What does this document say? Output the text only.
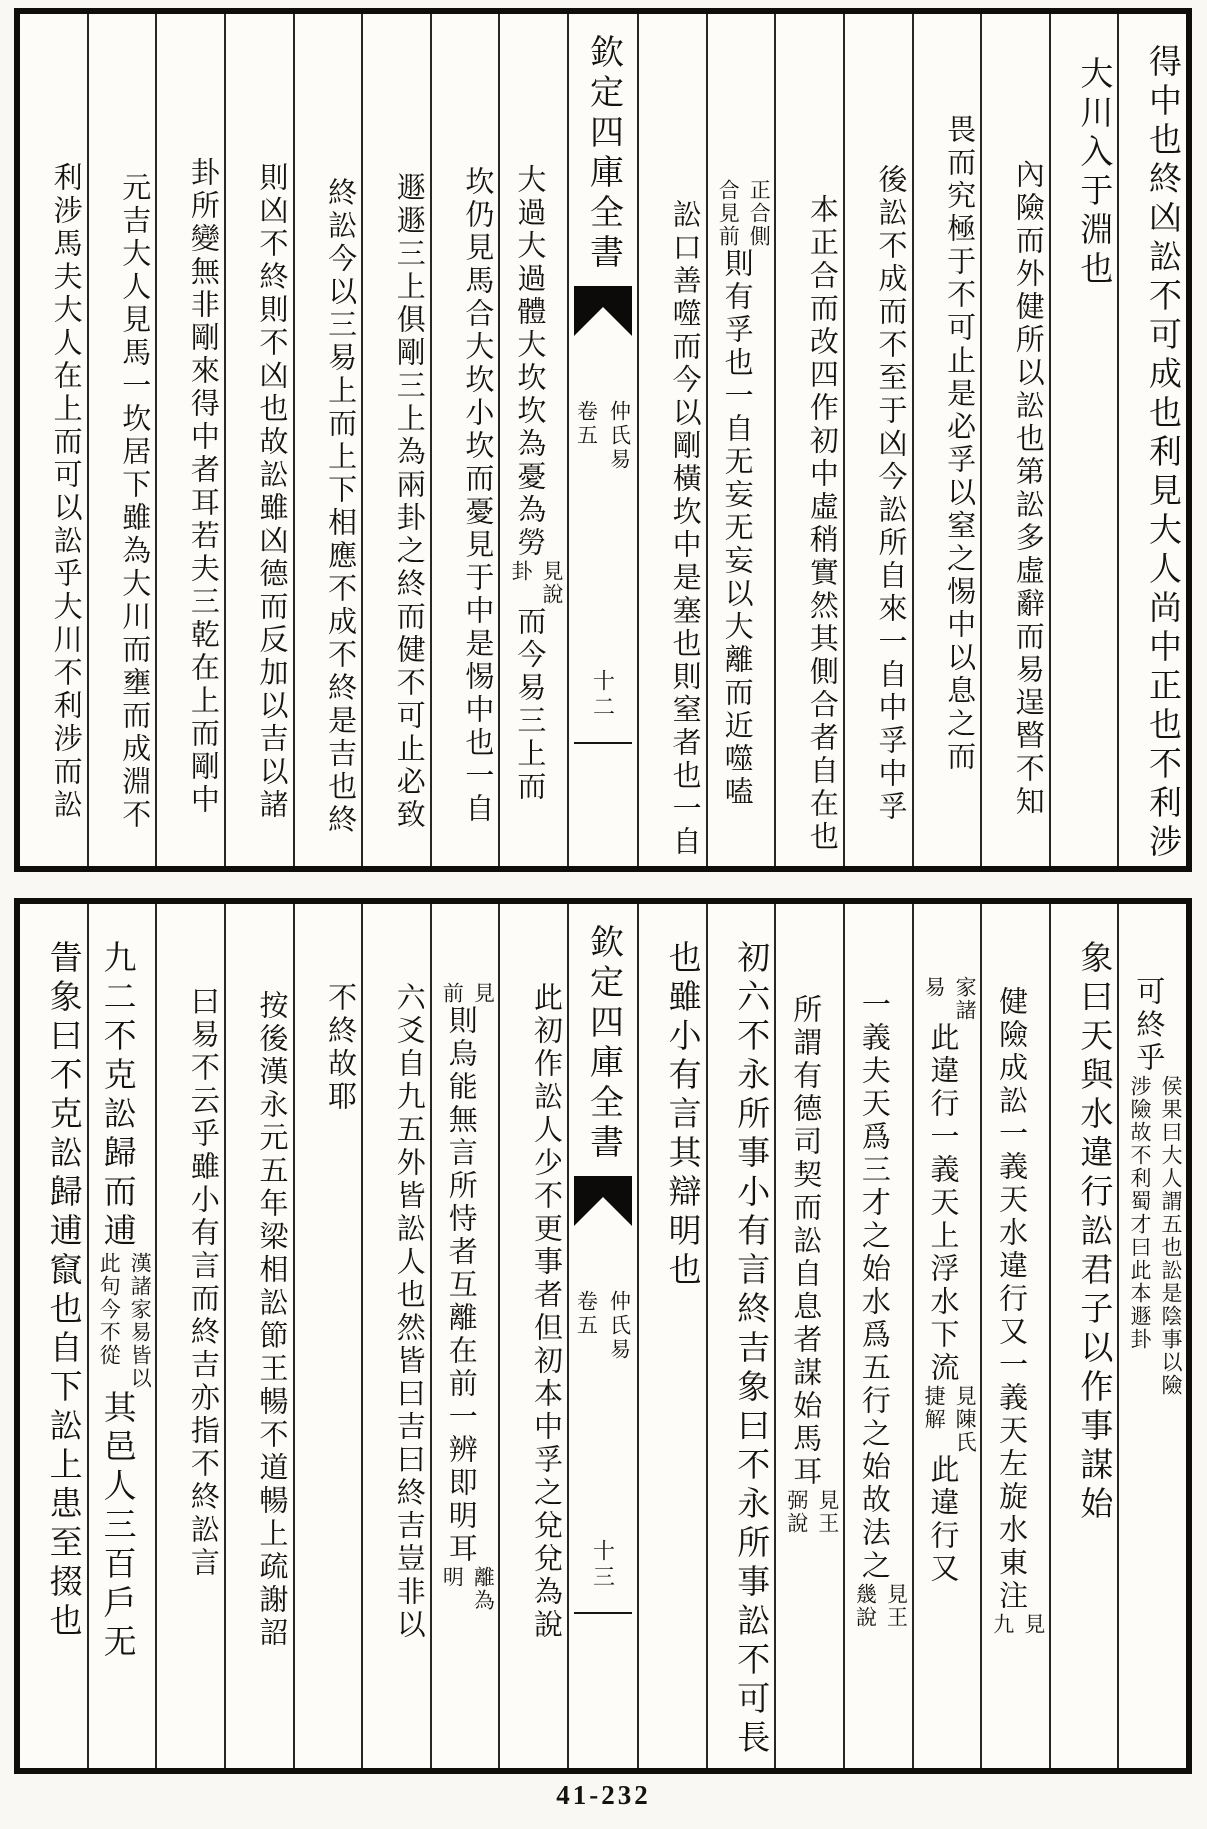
得中也終凶訟不可成也利見大人尚中正也不利涉
大川入于淵也
內險而外健所以訟也第訟多虛辭而易逞暋不知
畏而究極于不可止是必孚以窒之惕中以息之而
後訟不成而不至于凶今訟所自來一自中孚中孚
本正合而改四作初中虛稍實然其側合者自在也
正合側
合見前
則有孚也一自无妄无妄以大離而近噬嗑
訟口善噬而今以剛橫坎中是塞也則窒者也一自
欽定四庫全書
仲氏易
卷五
十二
大過大過體大坎坎為憂為勞
見說
卦
而今易三上而
坎仍見馬合大坎小坎而憂見于中是惕中也一自
遯遯三上俱剛三上為兩卦之終而健不可止必致
終訟今以三易上而上下相應不成不終是吉也終
則凶不終則不凶也故訟雖凶德而反加以吉以諸
卦所變無非剛來得中者耳若夫三乾在上而剛中
元吉大人見馬一坎居下雖為大川而壅而成淵不
利涉馬夫大人在上而可以訟乎大川不利涉而訟
可終乎
侯果曰大人謂五也訟是陰事以險
涉險故不利蜀才曰此本遯卦
象曰天與水違行訟君子以作事謀始
健險成訟一義天水違行又一義天左旋水東注
見
九
家諸
易
此違行一義天上浮水下流
見陳氏
捷解
此違行又
一義夫天爲三才之始水爲五行之始故法之
見王
㡬說
所謂有德司契而訟自息者謀始馬耳
見王
弼說
初六不永所事小有言終吉象曰不永所事訟不可長
也雖小有言其辯明也
欽定四庫全書
仲氏易
卷五
十三
此初作訟人少不更事者但初本中孚之兌兌為說
見
前
則烏能無言所恃者互離在前一辨即明耳
離為
明
六爻自九五外皆訟人也然皆曰吉曰終吉豈非以
不終故耶
按後漢永元五年梁相訟節王暢不道暢上疏謝詔
曰易不云乎雖小有言而終吉亦指不終訟言
九二不克訟歸而逋
漢諸家易皆以
此句今不從
其邑人三百戶无
眚象曰不克訟歸逋竄也自下訟上患至掇也
41-232
